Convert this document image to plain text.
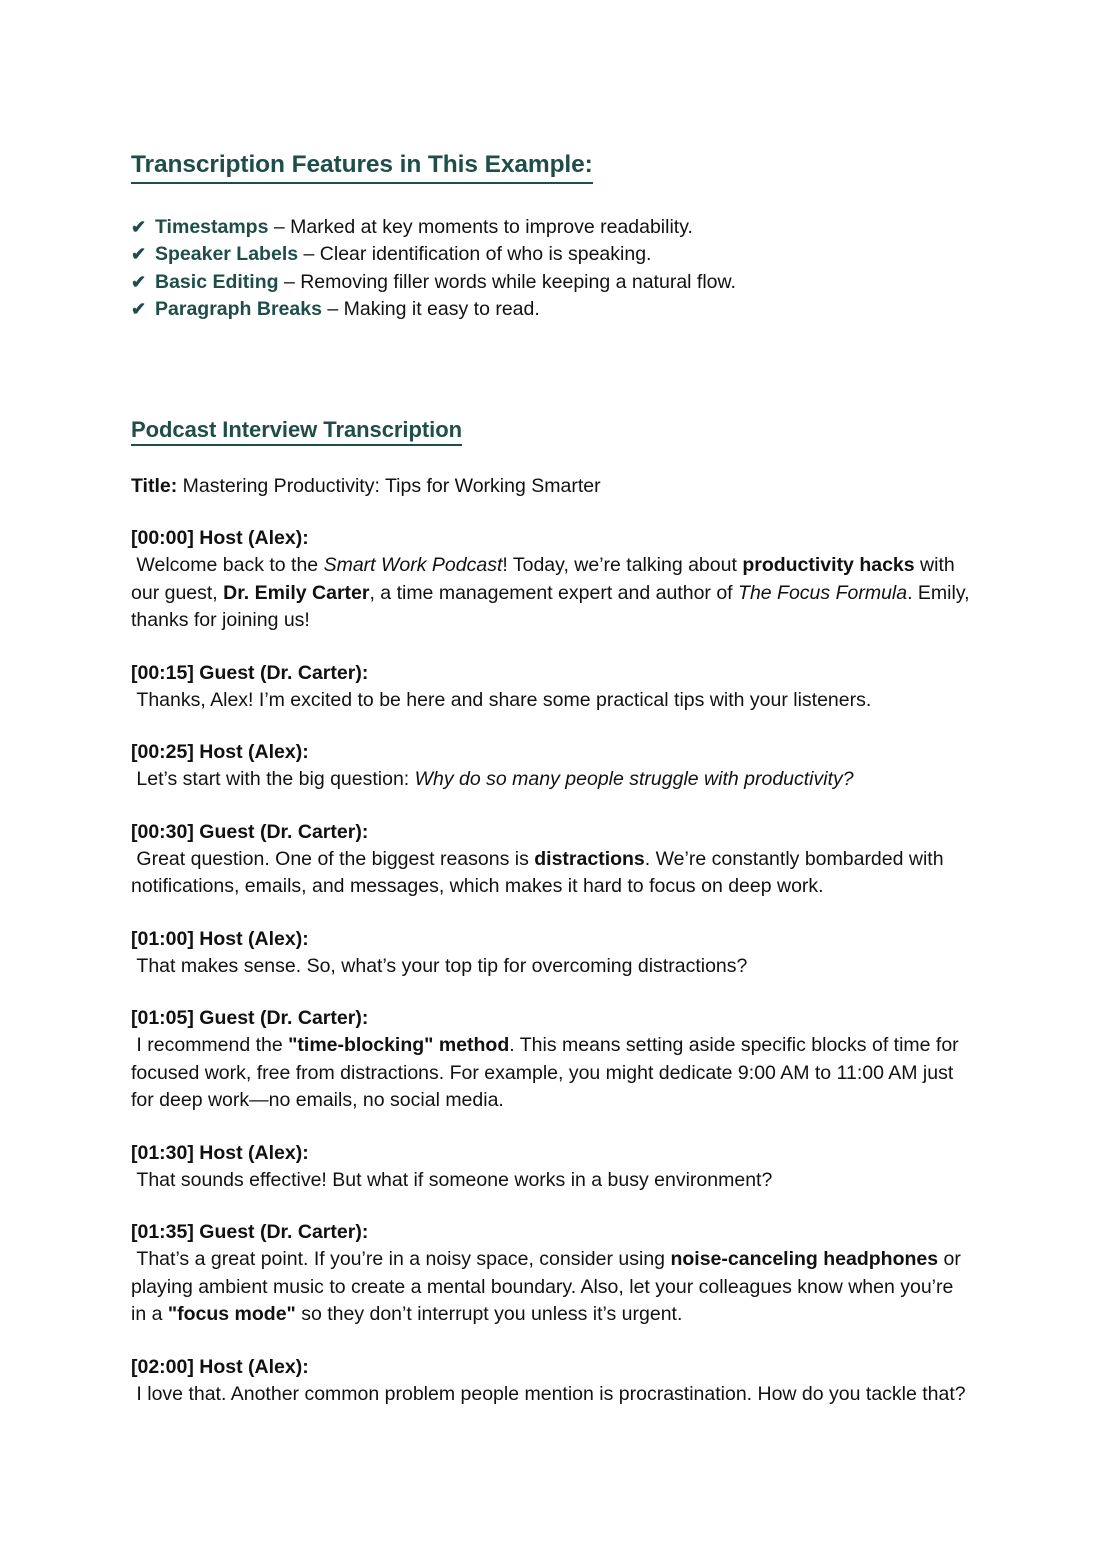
Transcription Features in This Example:
✔ Timestamps – Marked at key moments to improve readability.
✔ Speaker Labels – Clear identification of who is speaking.
✔ Basic Editing – Removing filler words while keeping a natural flow.
✔ Paragraph Breaks – Making it easy to read.
Podcast Interview Transcription

Title: Mastering Productivity: Tips for Working Smarter

[00:00] Host (Alex):

Welcome back to the Smart Work Podcast! Today, we’re talking about productivity hacks with our guest, Dr. Emily Carter, a time management expert and author of The Focus Formula. Emily, thanks for joining us!

[00:15] Guest (Dr. Carter):

Thanks, Alex! I’m excited to be here and share some practical tips with your listeners.

[00:25] Host (Alex):

Let’s start with the big question: Why do so many people struggle with productivity?

[00:30] Guest (Dr. Carter):

Great question. One of the biggest reasons is distractions. We’re constantly bombarded with notifications, emails, and messages, which makes it hard to focus on deep work.

[01:00] Host (Alex):

That makes sense. So, what’s your top tip for overcoming distractions?

[01:05] Guest (Dr. Carter):

I recommend the "time-blocking" method. This means setting aside specific blocks of time for focused work, free from distractions. For example, you might dedicate 9:00 AM to 11:00 AM just for deep work—no emails, no social media.

[01:30] Host (Alex):

That sounds effective! But what if someone works in a busy environment?

[01:35] Guest (Dr. Carter):

That’s a great point. If you’re in a noisy space, consider using noise-canceling headphones or playing ambient music to create a mental boundary. Also, let your colleagues know when you’re in a "focus mode" so they don’t interrupt you unless it’s urgent.

[02:00] Host (Alex):

I love that. Another common problem people mention is procrastination. How do you tackle that?
